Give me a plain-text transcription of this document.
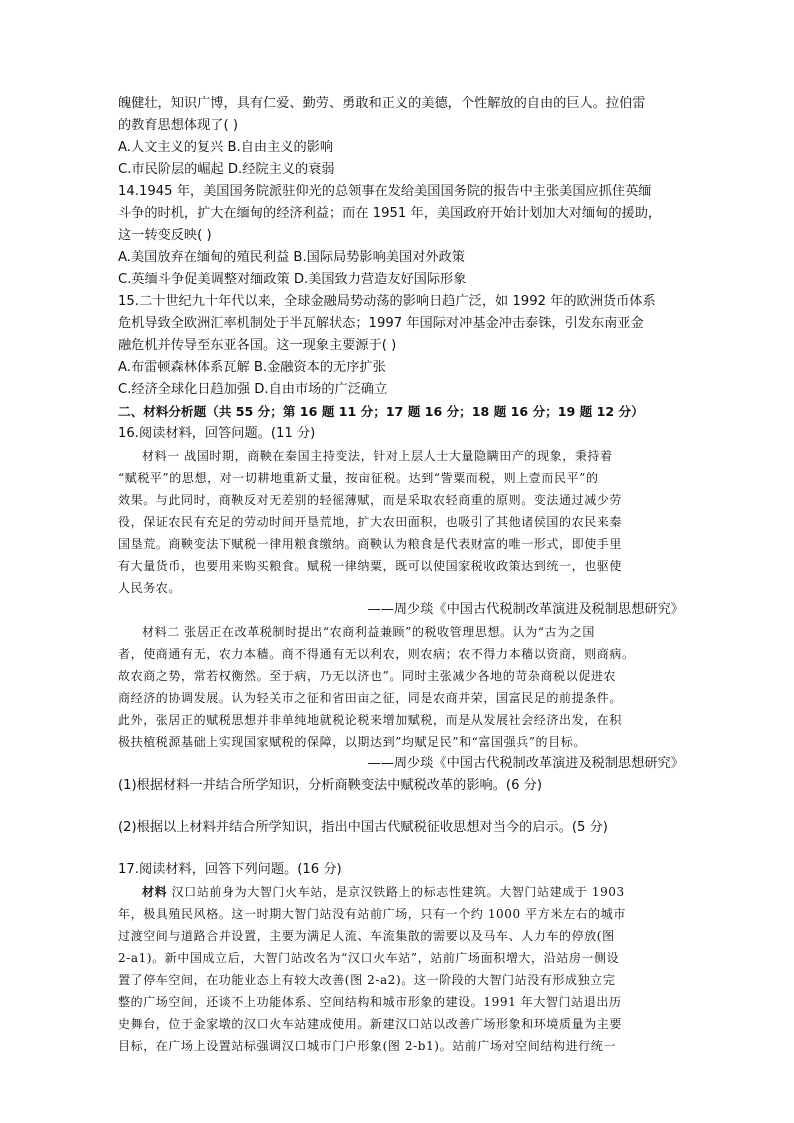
魄健壮，知识广博，具有仁爱、勤劳、勇敢和正义的美德，个性解放的自由的巨人。拉伯雷
的教育思想体现了( )
A.人文主义的复兴 B.自由主义的影响
C.市民阶层的崛起 D.经院主义的衰弱
14.1945 年，美国国务院派驻仰光的总领事在发给美国国务院的报告中主张美国应抓住英缅
斗争的时机，扩大在缅甸的经济利益；而在 1951 年，美国政府开始计划加大对缅甸的援助，
这一转变反映( )
A.美国放弃在缅甸的殖民利益 B.国际局势影响美国对外政策
C.英缅斗争促美调整对缅政策 D.美国致力营造友好国际形象
15.二十世纪九十年代以来，全球金融局势动荡的影响日趋广泛，如 1992 年的欧洲货币体系
危机导致全欧洲汇率机制处于半瓦解状态；1997 年国际对冲基金冲击泰铢，引发东南亚金
融危机并传导至东亚各国。这一现象主要源于( )
A.布雷顿森林体系瓦解 B.金融资本的无序扩张
C.经济全球化日趋加强 D.自由市场的广泛确立
二、材料分析题（共 55 分；第 16 题 11 分；17 题 16 分；18 题 16 分；19 题 12 分）
16.阅读材料，回答问题。(11 分)
材料一 战国时期，商鞅在秦国主持变法，针对上层人士大量隐瞒田产的现象，秉持着
“赋税平”的思想，对一切耕地重新丈量，按亩征税。达到“訾粟而税，则上壹而民平”的
效果。与此同时，商鞅反对无差别的轻徭薄赋，而是采取农轻商重的原则。变法通过减少劳
役，保证农民有充足的劳动时间开垦荒地，扩大农田面积，也吸引了其他诸侯国的农民来秦
国垦荒。商鞅变法下赋税一律用粮食缴纳。商鞅认为粮食是代表财富的唯一形式，即使手里
有大量货币，也要用来购买粮食。赋税一律纳粟，既可以使国家税收政策达到统一，也驱使
人民务农。
——周少琰《中国古代税制改革演进及税制思想研究》
材料二 张居正在改革税制时提出“农商利益兼顾”的税收管理思想。认为“古为之国
者，使商通有无，农力本穑。商不得通有无以利农，则农病；农不得力本穑以资商，则商病。
故农商之势，常若权衡然。至于病，乃无以济也”。同时主张减少各地的苛杂商税以促进农
商经济的协调发展。认为轻关市之征和省田亩之征，同是农商并荣，国富民足的前提条件。
此外，张居正的赋税思想并非单纯地就税论税来增加赋税，而是从发展社会经济出发，在积
极扶植税源基础上实现国家赋税的保障，以期达到”均赋足民”和“富国强兵”的目标。
——周少琰《中国古代税制改革演进及税制思想研究》
(1)根据材料一并结合所学知识，分析商鞅变法中赋税改革的影响。(6 分)
(2)根据以上材料并结合所学知识，指出中国古代赋税征收思想对当今的启示。(5 分)
17.阅读材料，回答下列问题。(16 分)
材料 汉口站前身为大智门火车站，是京汉铁路上的标志性建筑。大智门站建成于 1903
年，极具殖民风格。这一时期大智门站没有站前广场，只有一个约 1000 平方米左右的城市
过渡空间与道路合并设置，主要为满足人流、车流集散的需要以及马车、人力车的停放(图
2-a1)。新中国成立后，大智门站改名为“汉口火车站”，站前广场面积增大，沿站房一侧设
置了停车空间，在功能业态上有较大改善(图 2-a2)。这一阶段的大智门站没有形成独立完
整的广场空间，还谈不上功能体系、空间结构和城市形象的建设。1991 年大智门站退出历
史舞台，位于金家墩的汉口火车站建成使用。新建汉口站以改善广场形象和环境质量为主要
目标，在广场上设置站标强调汉口城市门户形象(图 2-b1)。站前广场对空间结构进行统一
